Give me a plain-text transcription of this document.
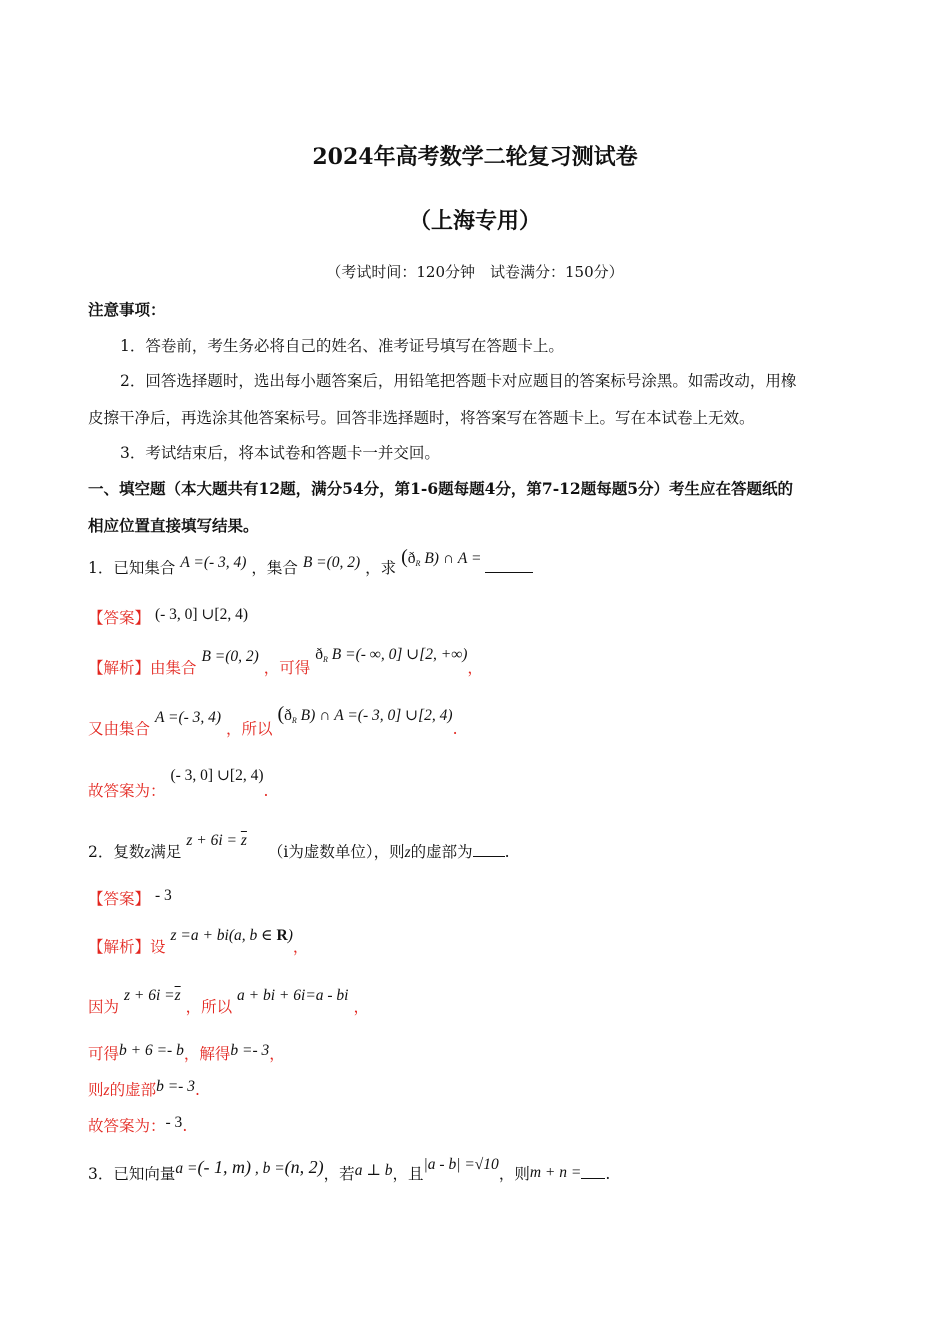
2024年高考数学二轮复习测试卷
（上海专用）
（考试时间：120分钟　试卷满分：150分）
注意事项：
1．答卷前，考生务必将自己的姓名、准考证号填写在答题卡上。
2．回答选择题时，选出每小题答案后，用铅笔把答题卡对应题目的答案标号涂黑。如需改动，用橡
皮擦干净后，再选涂其他答案标号。回答非选择题时，将答案写在答题卡上。写在本试卷上无效。
3．考试结束后，将本试卷和答题卡一并交回。
一、填空题（本大题共有12题，满分54分，第1-6题每题4分，第7-12题每题5分）考生应在答题纸的
相应位置直接填写结果。
1．已知集合 A =(- 3, 4) ，集合 B =(0, 2) ，求 (ðR B) ∩ A =
【答案】 (- 3, 0] ∪[2, 4)
【解析】由集合 B =(0, 2) ，可得 ðR B =(- ∞, 0] ∪[2, +∞)，
又由集合 A =(- 3, 4) ，所以 (ðR B) ∩ A =(- 3, 0] ∪[2, 4).
故答案为： (- 3, 0] ∪[2, 4).
2．复数z满足 $z + 6i = \overline{z}$ （i为虚数单位），则z的虚部为 .
【答案】 - 3
【解析】设 z =a + bi(a, b ∈ R)，
因为 $z + 6i =\overline{z}$ ，所以 a + bi + 6i=a - bi ，
可得b + 6 =- b，解得b =- 3，
则z的虚部b =- 3.
故答案为：- 3.
3．已知向量a =(- 1, m) , b =(n, 2)，若a ⊥ b，且|a - b| =√10，则m + n = .
